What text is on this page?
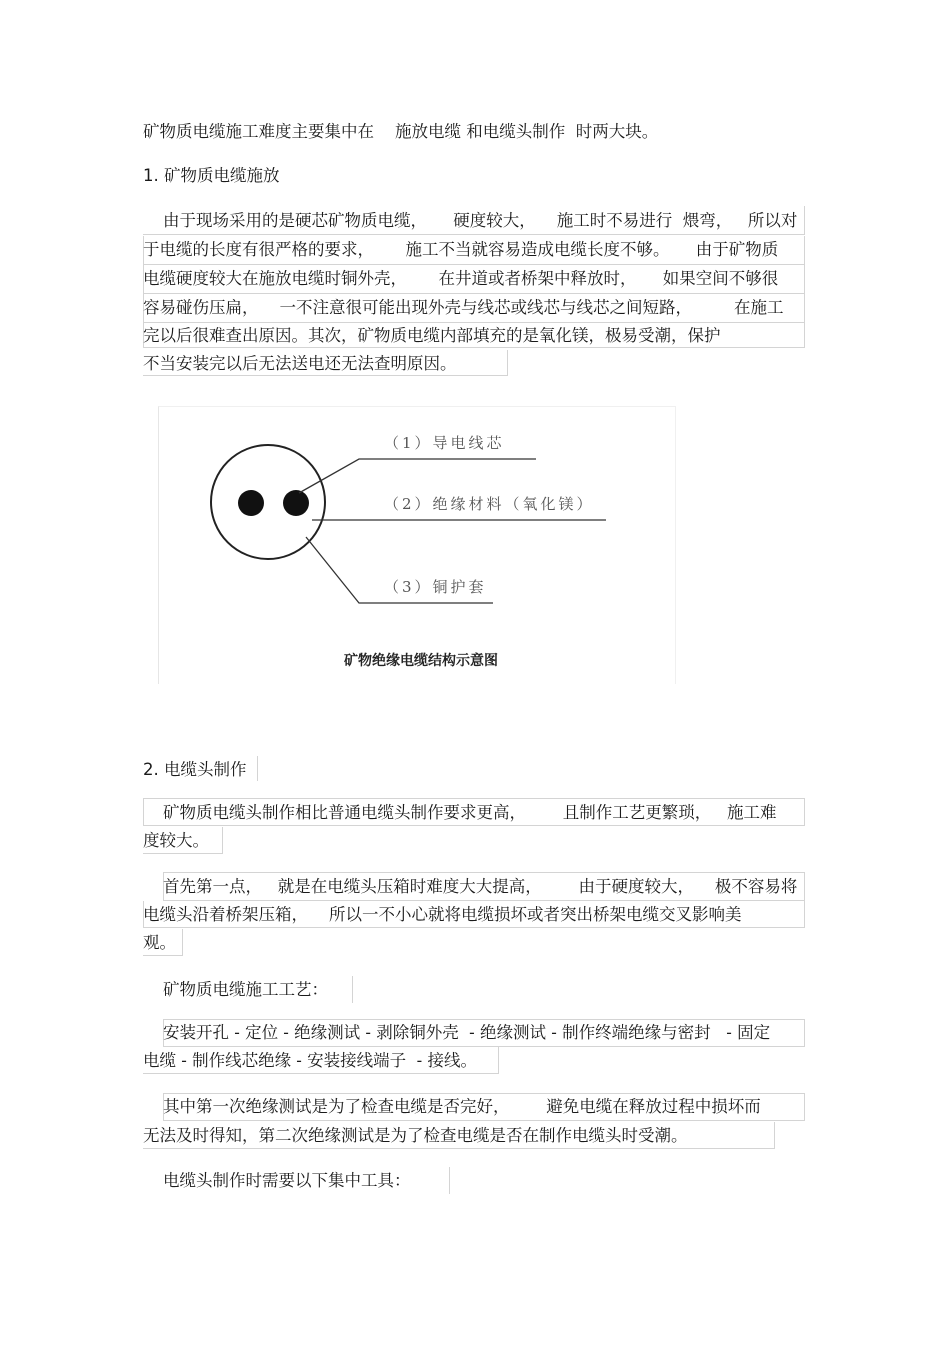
矿物质电缆施工难度主要集中在    施放电缆 和电缆头制作  时两大块。
1. 矿物质电缆施放
由于现场采用的是硬芯矿物质电缆，     硬度较大，    施工时不易进行  煨弯，   所以对
于电缆的长度有很严格的要求，      施工不当就容易造成电缆长度不够。     由于矿物质
电缆硬度较大在施放电缆时铜外壳，      在井道或者桥架中释放时，     如果空间不够很
容易碰伤压扁，    一不注意很可能出现外壳与线芯或线芯与线芯之间短路，        在施工
完以后很难查出原因。其次，矿物质电缆内部填充的是氧化镁，极易受潮，保护
不当安装完以后无法送电还无法查明原因。
（1）导电线芯
（2）绝缘材料（氧化镁）
（3）铜护套
矿物绝缘电缆结构示意图
2. 电缆头制作
矿物质电缆头制作相比普通电缆头制作要求更高，       且制作工艺更繁琐，   施工难
度较大。
首先第一点，   就是在电缆头压箱时难度大大提高，       由于硬度较大，    极不容易将
电缆头沿着桥架压箱，    所以一不小心就将电缆损坏或者突出桥架电缆交叉影响美
观。
矿物质电缆施工工艺：
安装开孔 - 定位 - 绝缘测试 - 剥除铜外壳  - 绝缘测试 - 制作终端绝缘与密封   - 固定
电缆 - 制作线芯绝缘 - 安装接线端子  - 接线。
其中第一次绝缘测试是为了检查电缆是否完好，       避免电缆在释放过程中损坏而
无法及时得知，第二次绝缘测试是为了检查电缆是否在制作电缆头时受潮。
电缆头制作时需要以下集中工具：
